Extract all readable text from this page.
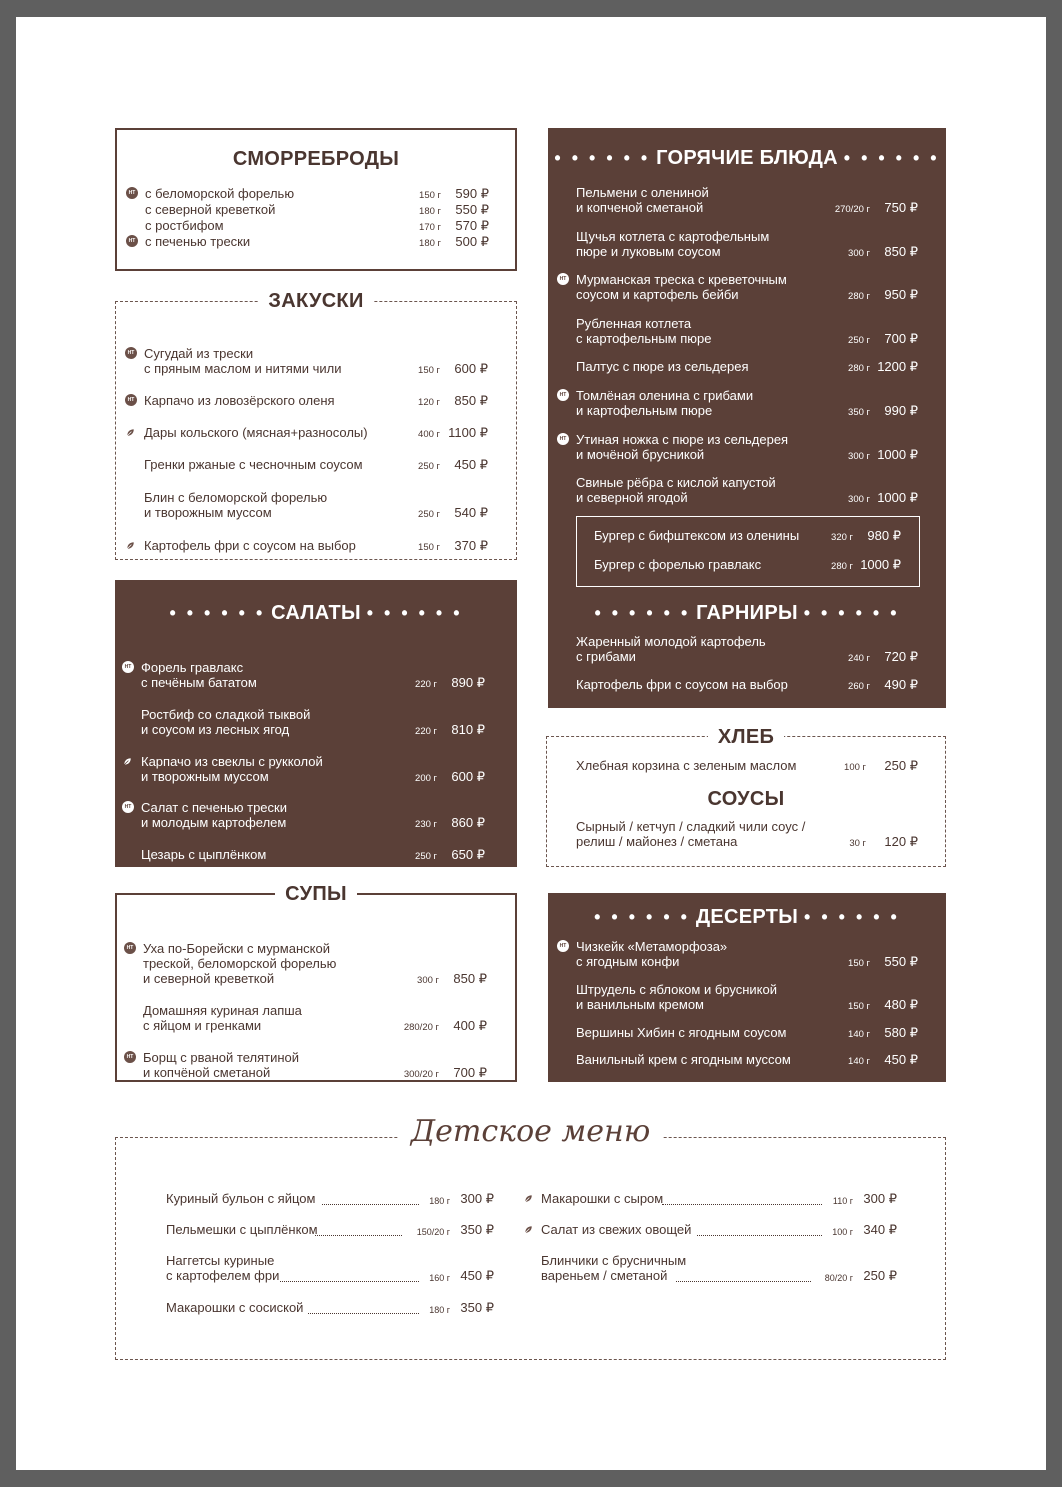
СМОРРЕБРОДЫ
с беломорской форелью	150 г 590 ₽
НТ
с северной креветкой	180 г 550 ₽
с ростбифом	170 г 570 ₽
с печенью трески	180 г 500 ₽
НТ
ЗАКУСКИ
Сугудай из трески
с пряным маслом и нитями чили	150 г 600 ₽
НТ
Карпачо из ловозёрского оленя	120 г 850 ₽
НТ
Дары кольского (мясная+разносолы)	400 г 1100 ₽
Гренки ржаные с чесночным соусом	250 г 450 ₽
Блин с беломорской форелью
и творожным муссом	250 г 540 ₽
Картофель фри с соусом на выбор	150 г 370 ₽
• • • • • • САЛАТЫ • • • • • •
Форель гравлакс
с печёным бататом	220 г 890 ₽
НТ
Ростбиф со сладкой тыквой
и соусом из лесных ягод	220 г 810 ₽
Карпачо из свеклы с рукколой
и творожным муссом	200 г 600 ₽
Салат с печенью трески
и молодым картофелем	230 г 860 ₽
НТ
Цезарь с цыплёнком	250 г 650 ₽
СУПЫ
Уха по-Борейски с мурманской
треской, беломорской форелью
и северной креветкой	300 г 850 ₽
НТ
Домашняя куриная лапша
с яйцом и гренками	280/20 г 400 ₽
Борщ с рваной телятиной
и копчёной сметаной	300/20 г 700 ₽
НТ
• • • • • • ГОРЯЧИЕ БЛЮДА • • • • • •
Пельмени с олениной
и копченой сметаной	270/20 г 750 ₽
Щучья котлета с картофельным
пюре и луковым соусом	300 г 850 ₽
Мурманская треска с креветочным
соусом и картофель бейби	280 г 950 ₽
НТ
Рубленная котлета
с картофельным пюре	250 г 700 ₽
Палтус с пюре из сельдерея	280 г 1200 ₽
Томлёная оленина с грибами
и картофельным пюре	350 г 990 ₽
НТ
Утиная ножка с пюре из сельдерея
и мочёной брусникой	300 г 1000 ₽
НТ
Свиные рёбра с кислой капустой
и северной ягодой	300 г 1000 ₽
Бургер с бифштексом из оленины	320 г 980 ₽
Бургер с форелью гравлакс	280 г 1000 ₽
• • • • • • ГАРНИРЫ • • • • • •
Жаренный молодой картофель
с грибами	240 г 720 ₽
Картофель фри с соусом на выбор	260 г 490 ₽
ХЛЕБ
Хлебная корзина с зеленым маслом	100 г 250 ₽
СОУСЫ
Сырный / кетчуп / сладкий чили соус /
релиш / майонез / сметана	30 г 120 ₽
• • • • • • ДЕСЕРТЫ • • • • • •
Чизкейк «Метаморфоза»
с ягодным конфи	150 г 550 ₽
НТ
Штрудель с яблоком и брусникой
и ванильным кремом	150 г 480 ₽
Вершины Хибин с ягодным соусом	140 г 580 ₽
Ванильный крем с ягодным муссом	140 г 450 ₽
Детское меню
Куриный бульон с яйцом	180 г 300 ₽
Пельмешки с цыплёнком	150/20 г 350 ₽
Наггетсы куриные
с картофелем фри	160 г 450 ₽
Макарошки с сосиской	180 г 350 ₽
Макарошки с сыром	110 г 300 ₽
Салат из свежих овощей	100 г 340 ₽
Блинчики с брусничным
вареньем / сметаной	80/20 г 250 ₽
